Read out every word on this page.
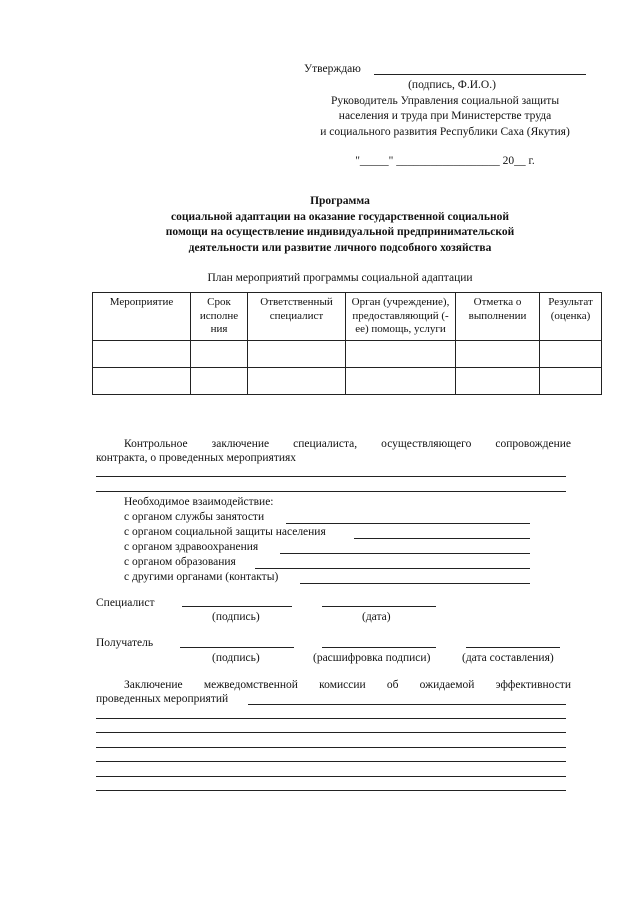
Утверждаю
(подпись, Ф.И.О.)
Руководитель Управления социальной защиты
населения и труда при Министерстве труда
и социального развития Республики Саха (Якутия)
"_____" __________________ 20__ г.
Программа
социальной адаптации на оказание государственной социальной
помощи на осуществление индивидуальной предпринимательской
деятельности или развитие личного подсобного хозяйства
План мероприятий программы социальной адаптации
Мероприятие	Срок исполне ния	Ответственный специалист	Орган (учреждение), предоставляющий (-ее) помощь, услуги	Отметка о выполнении	Результат (оценка)

Контрольное заключение специалиста, осуществляющего сопровождение
контракта, о проведенных мероприятиях
Необходимое взаимодействие:
с органом службы занятости
с органом социальной защиты населения
с органом здравоохранения
с органом образования
с другими органами (контакты)
Специалист
(подпись)	(дата)
Получатель
(подпись)	(расшифровка подписи)	(дата составления)
Заключение межведомственной комиссии об ожидаемой эффективности
проведенных мероприятий
